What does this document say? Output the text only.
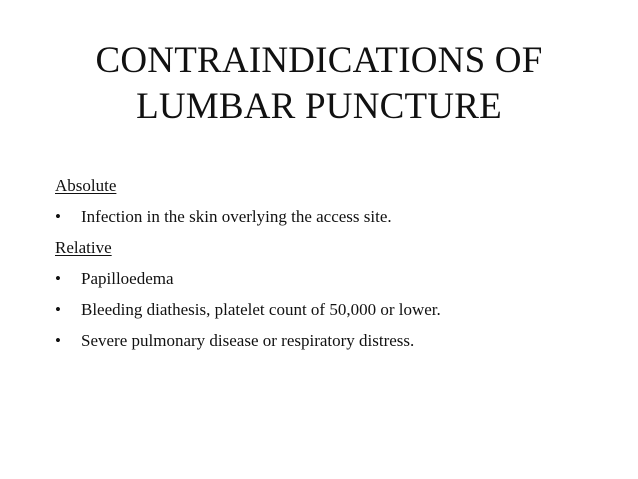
CONTRAINDICATIONS OF
LUMBAR PUNCTURE
Absolute
•	Infection in the skin overlying the access site.
Relative
•	Papilloedema
•	Bleeding diathesis, platelet count of 50,000 or lower.
•	Severe pulmonary disease or respiratory distress.
